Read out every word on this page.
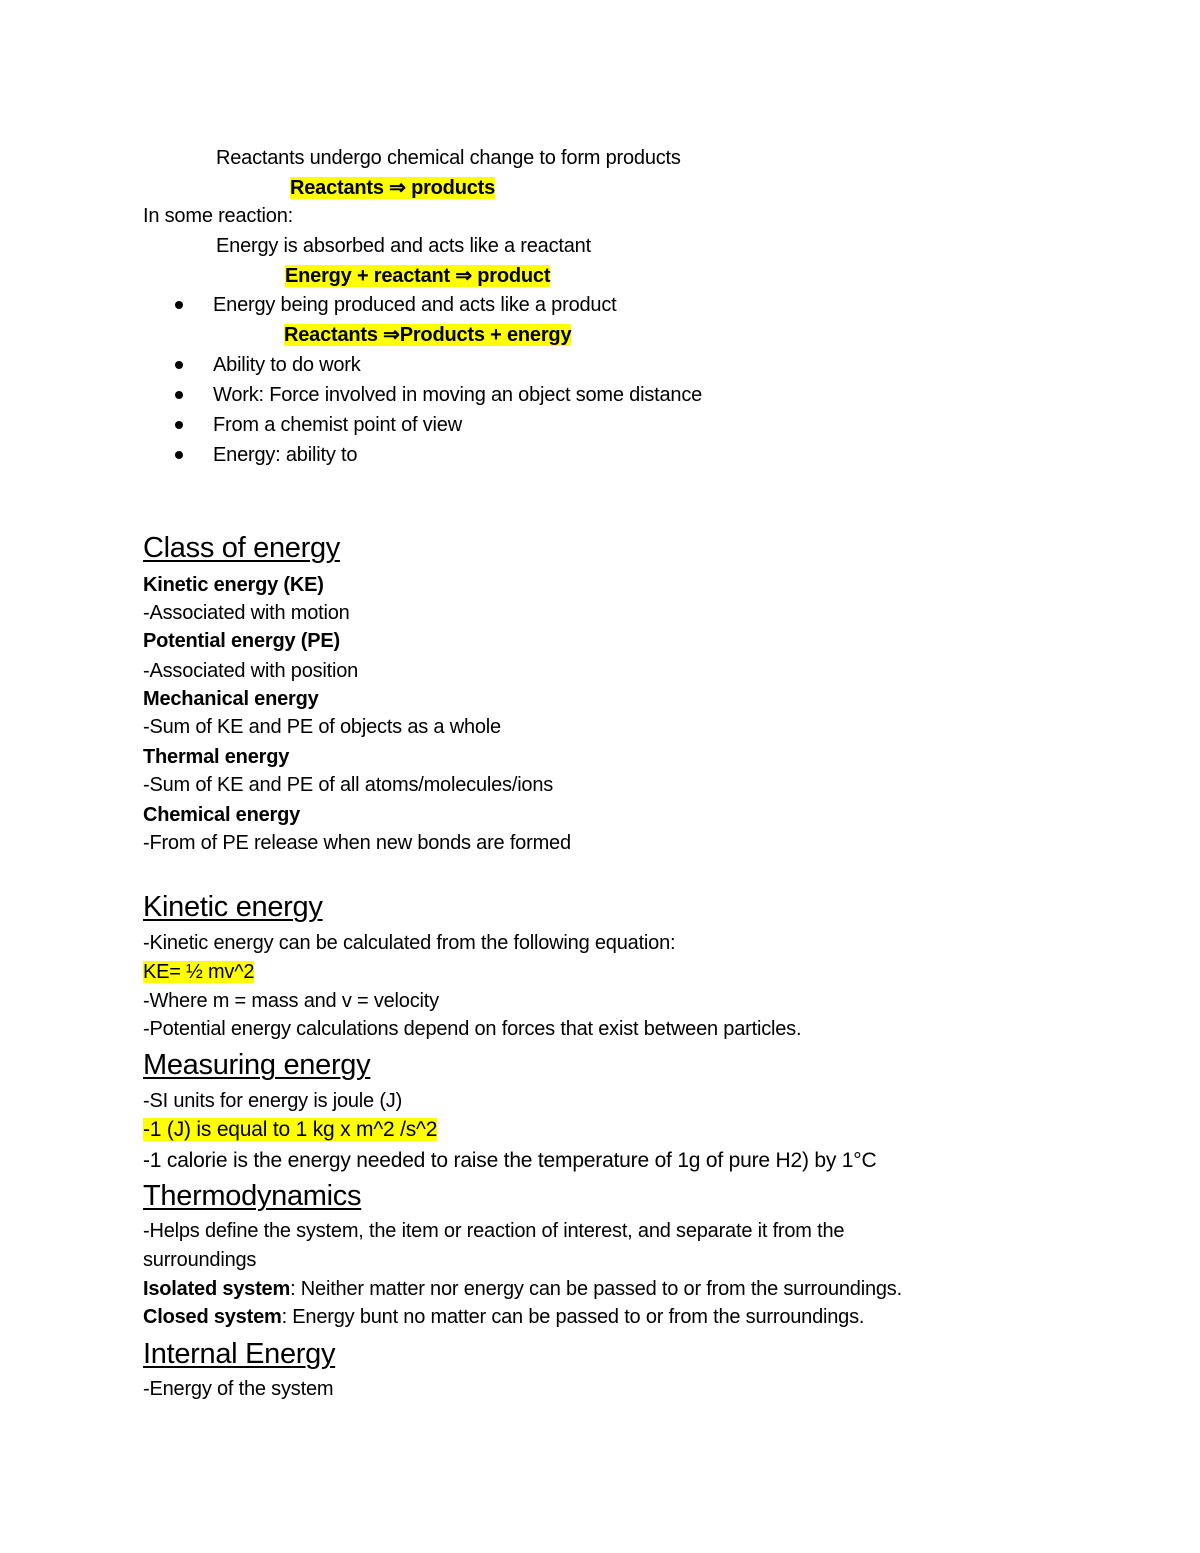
Reactants undergo chemical change to form products
Reactants ⇒ products
In some reaction:
Energy is absorbed and acts like a reactant
Energy + reactant ⇒ product
Energy being produced and acts like a product
Reactants ⇒Products + energy
Ability to do work
Work: Force involved in moving an object some distance
From a chemist point of view
Energy: ability to
Class of energy
Kinetic energy (KE)
-Associated with motion
Potential energy (PE)
-Associated with position
Mechanical energy
-Sum of KE and PE of objects as a whole
Thermal energy
-Sum of KE and PE of all atoms/molecules/ions
Chemical energy
-From of PE release when new bonds are formed
Kinetic energy
-Kinetic energy can be calculated from the following equation:
KE= ½ mv^2
-Where m = mass and v = velocity
-Potential energy calculations depend on forces that exist between particles.
Measuring energy
-SI units for energy is joule (J)
-1 (J) is equal to 1 kg x m^2 /s^2
-1 calorie is the energy needed to raise the temperature of 1g of pure H2) by 1°C
Thermodynamics
-Helps define the system, the item or reaction of interest, and separate it from the
surroundings
Isolated system: Neither matter nor energy can be passed to or from the surroundings.
Closed system: Energy bunt no matter can be passed to or from the surroundings.
Internal Energy
-Energy of the system
